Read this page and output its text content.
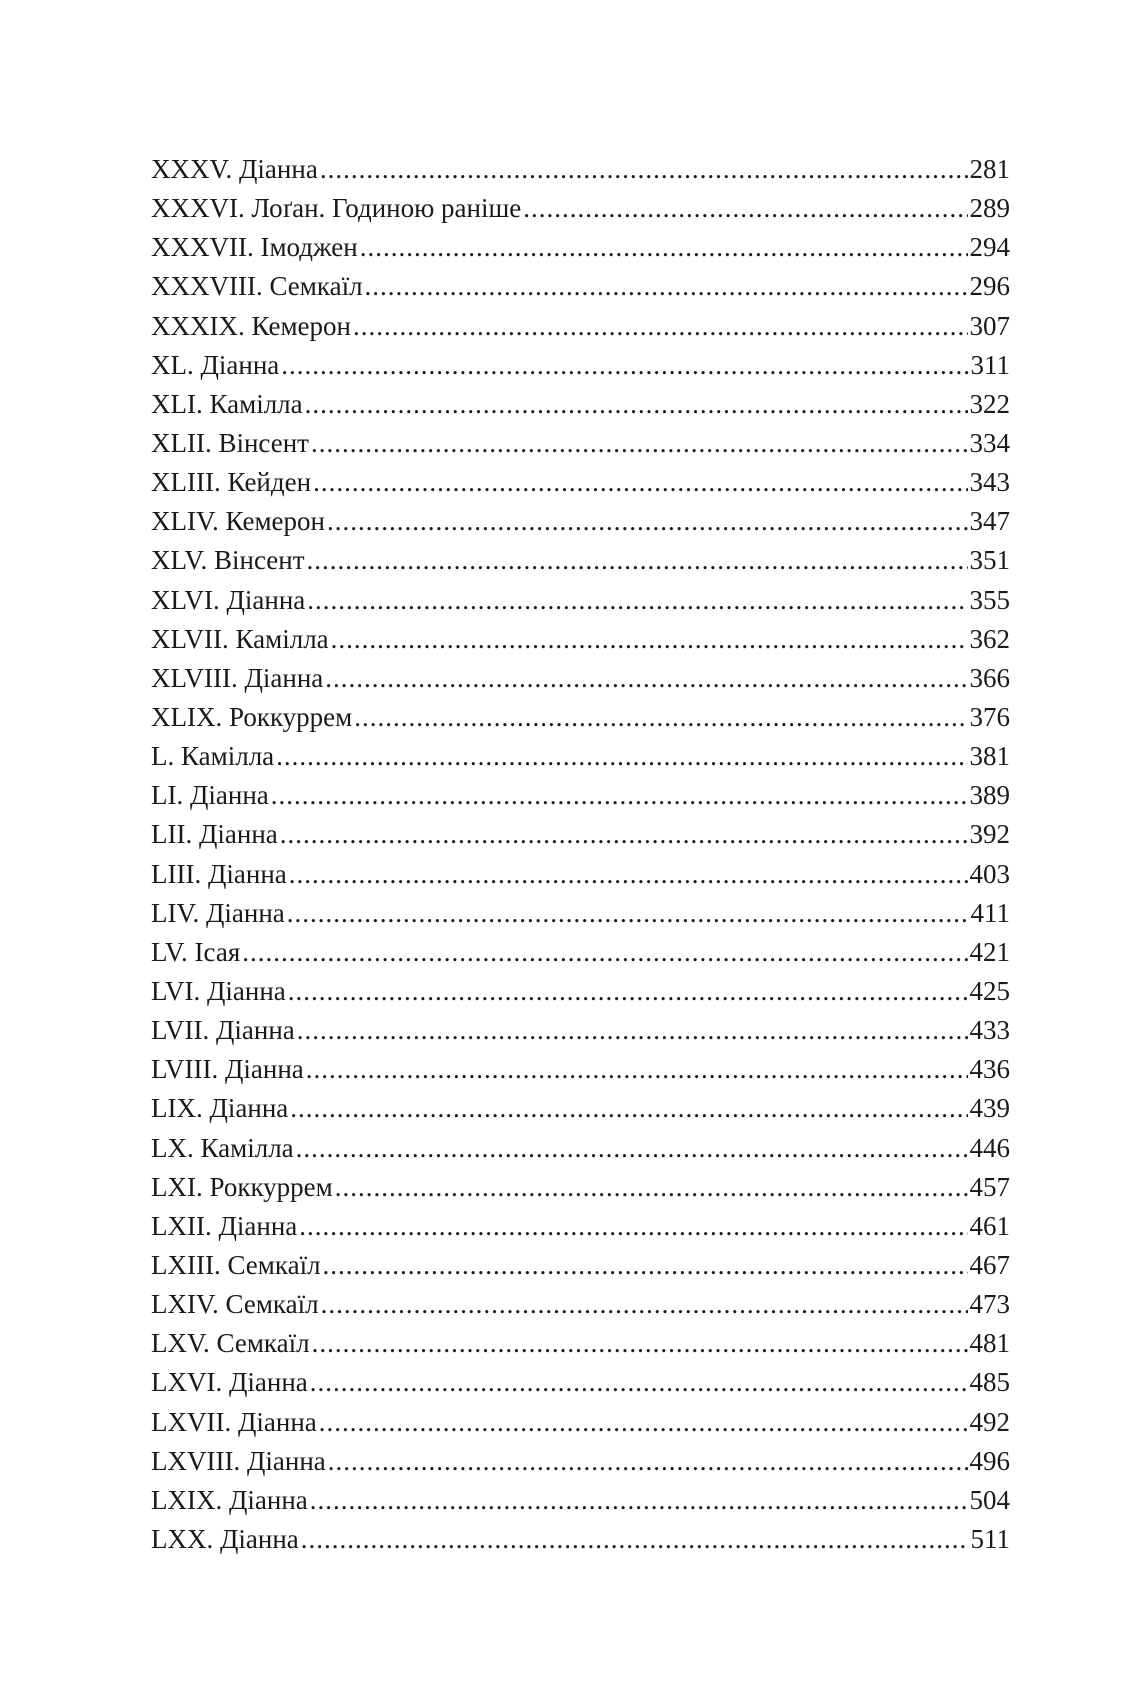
XXXV. Діанна .....	281
XXXVI. Лоґан. Годиною раніше .....	289
XXXVII. Імоджен .....	294
XXXVIII. Семкаїл .....	296
XXXIX. Кемерон .....	307
XL. Діанна .....	311
XLI. Камілла .....	322
XLII. Вінсент .....	334
XLIII. Кейден .....	343
XLIV. Кемерон .....	347
XLV. Вінсент .....	351
XLVI. Діанна .....	355
XLVII. Камілла .....	362
XLVIII. Діанна .....	366
XLIX. Роккуррем .....	376
L. Камілла .....	381
LI. Діанна .....	389
LII. Діанна .....	392
LIII. Діанна .....	403
LIV. Діанна .....	411
LV. Ісая .....	421
LVI. Діанна .....	425
LVII. Діанна .....	433
LVIII. Діанна .....	436
LIX. Діанна .....	439
LX. Камілла .....	446
LXI. Роккуррем .....	457
LXII. Діанна .....	461
LXIII. Семкаїл .....	467
LXIV. Семкаїл .....	473
LXV. Семкаїл .....	481
LXVI. Діанна .....	485
LXVII. Діанна .....	492
LXVIII. Діанна .....	496
LXIX. Діанна .....	504
LXX. Діанна .....	511
